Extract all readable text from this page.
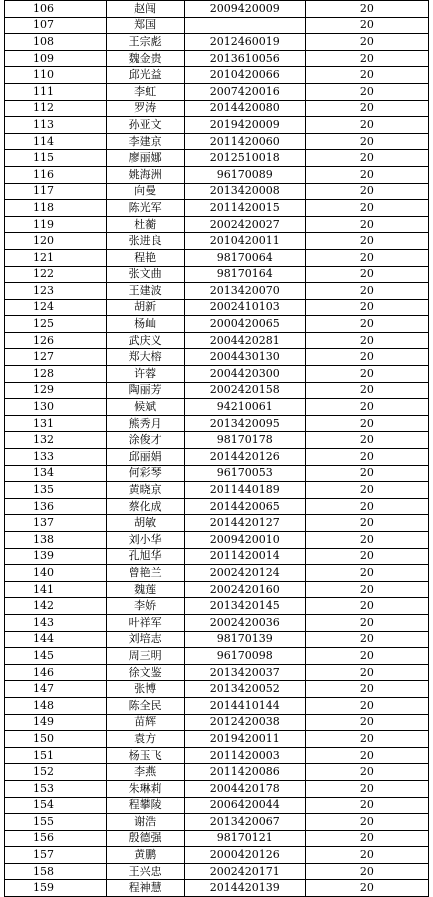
106	赵闯	2009420009	20
107	郑国		20
108	王宗彪	2012460019	20
109	魏金贵	2013610056	20
110	邱光益	2010420066	20
111	李虹	2007420016	20
112	罗涛	2014420080	20
113	孙亚文	2019420009	20
114	李建京	2011420060	20
115	廖丽娜	2012510018	20
116	姚海洲	96170089	20
117	向曼	2013420008	20
118	陈光军	2011420015	20
119	杜蘅	2002420027	20
120	张进良	2010420011	20
121	程艳	98170064	20
122	张文曲	98170164	20
123	王建波	2013420070	20
124	胡新	2002410103	20
125	杨屾	2000420065	20
126	武庆义	2004420281	20
127	郑大榕	2004430130	20
128	许蓉	2004420300	20
129	陶丽芳	2002420158	20
130	候斌	94210061	20
131	熊秀月	2013420095	20
132	涂俊才	98170178	20
133	邱丽娟	2014420126	20
134	何彩琴	96170053	20
135	黄晓京	2011440189	20
136	蔡化成	2014420065	20
137	胡敏	2014420127	20
138	刘小华	2009420010	20
139	孔旭华	2011420014	20
140	曾艳兰	2002420124	20
141	魏莲	2002420160	20
142	李娇	2013420145	20
143	叶祥军	2002420036	20
144	刘培志	98170139	20
145	周三明	96170098	20
146	徐文鉴	2013420037	20
147	张博	2013420052	20
148	陈全民	2014410144	20
149	苗辉	2012420038	20
150	袁方	2019420011	20
151	杨玉飞	2011420003	20
152	李燕	2011420086	20
153	朱琳莉	2004420178	20
154	程攀陵	2006420044	20
155	谢浩	2013420067	20
156	殷德强	98170121	20
157	黄鹏	2000420126	20
158	王兴忠	2002420171	20
159	程神慧	2014420139	20
